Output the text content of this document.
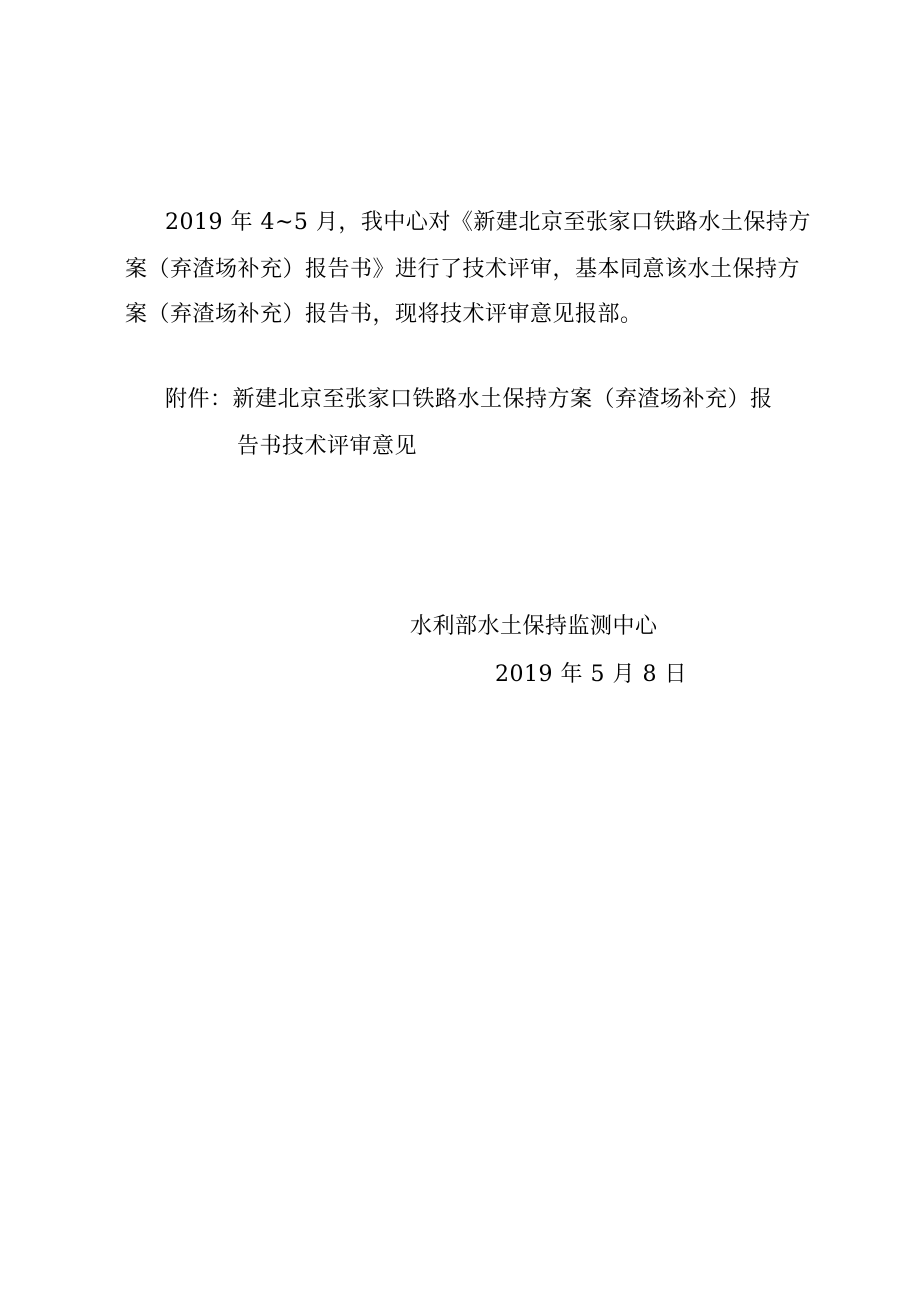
2019 年 4~5 月，我中心对《新建北京至张家口铁路水土保持方
案（弃渣场补充）报告书》进行了技术评审，基本同意该水土保持方
案（弃渣场补充）报告书，现将技术评审意见报部。
附件：新建北京至张家口铁路水土保持方案（弃渣场补充）报
告书技术评审意见
水利部水土保持监测中心
2019 年 5 月 8 日
